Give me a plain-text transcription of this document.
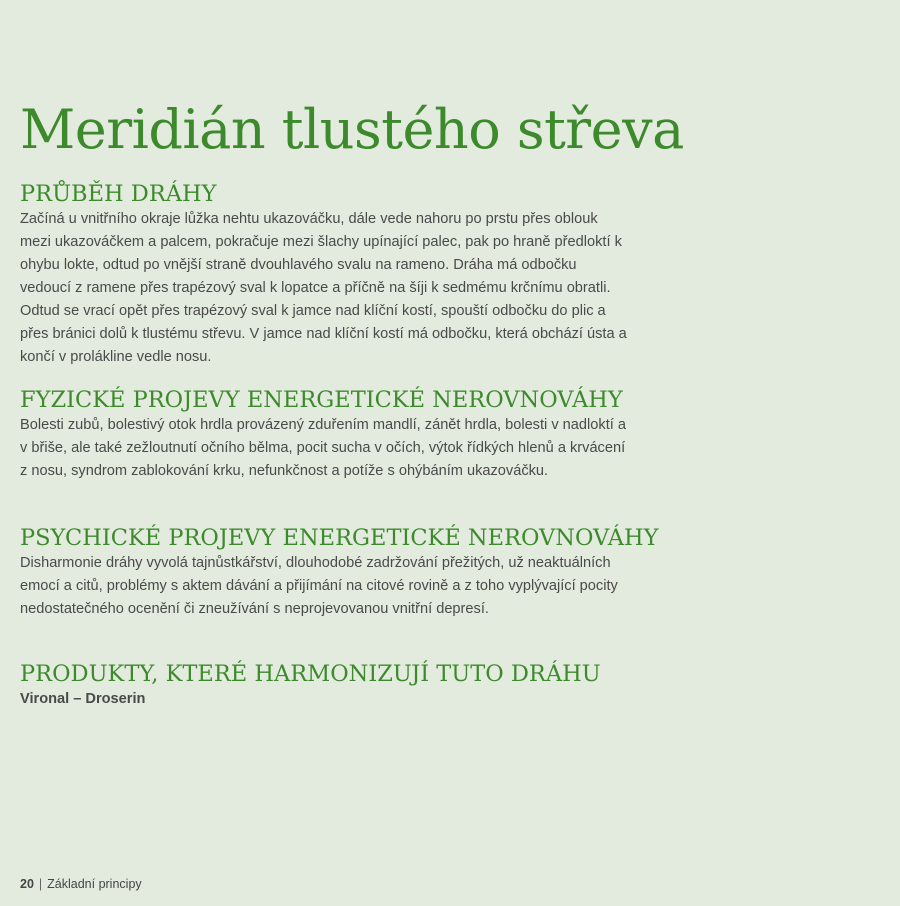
Meridián tlustého střeva
PRŮBĚH DRÁHY

Začíná u vnitřního okraje lůžka nehtu ukazováčku, dále vede nahoru po prstu přes oblouk mezi ukazováčkem a palcem, pokračuje mezi šlachy upínající palec, pak po hraně předloktí k ohybu lokte, odtud po vnější straně dvouhlavého svalu na rameno. Dráha má odbočku vedoucí z ramene přes trapézový sval k lopatce a příčně na šíji k sedmému krčnímu obratli. Odtud se vrací opět přes trapézový sval k jamce nad klíční kostí, spouští odbočku do plic a přes bránici dolů k tlustému střevu. V jamce nad klíční kostí má odbočku, která obchází ústa a končí v prolákline vedle nosu.

FYZICKÉ PROJEVY ENERGETICKÉ NEROVNOVÁHY

Bolesti zubů, bolestivý otok hrdla provázený zduřením mandlí, zánět hrdla, bolesti v nadloktí a v břiše, ale také zežloutnutí očního bělma, pocit sucha v očích, výtok řídkých hlenů a krvácení z nosu, syndrom zablokování krku, nefunkčnost a potíže s ohýbáním ukazováčku.

PSYCHICKÉ PROJEVY ENERGETICKÉ NEROVNOVÁHY

Disharmonie dráhy vyvolá tajnůstkářství, dlouhodobé zadržování přežitých, už neaktuálních emocí a citů, problémy s aktem dávání a přijímání na citové rovině a z toho vyplývající pocity nedostatečného ocenění či zneužívání s neprojevovanou vnitřní depresí.

PRODUKTY, KTERÉ HARMONIZUJÍ TUTO DRÁHU

Vironal – Droserin

20 | Základní principy
